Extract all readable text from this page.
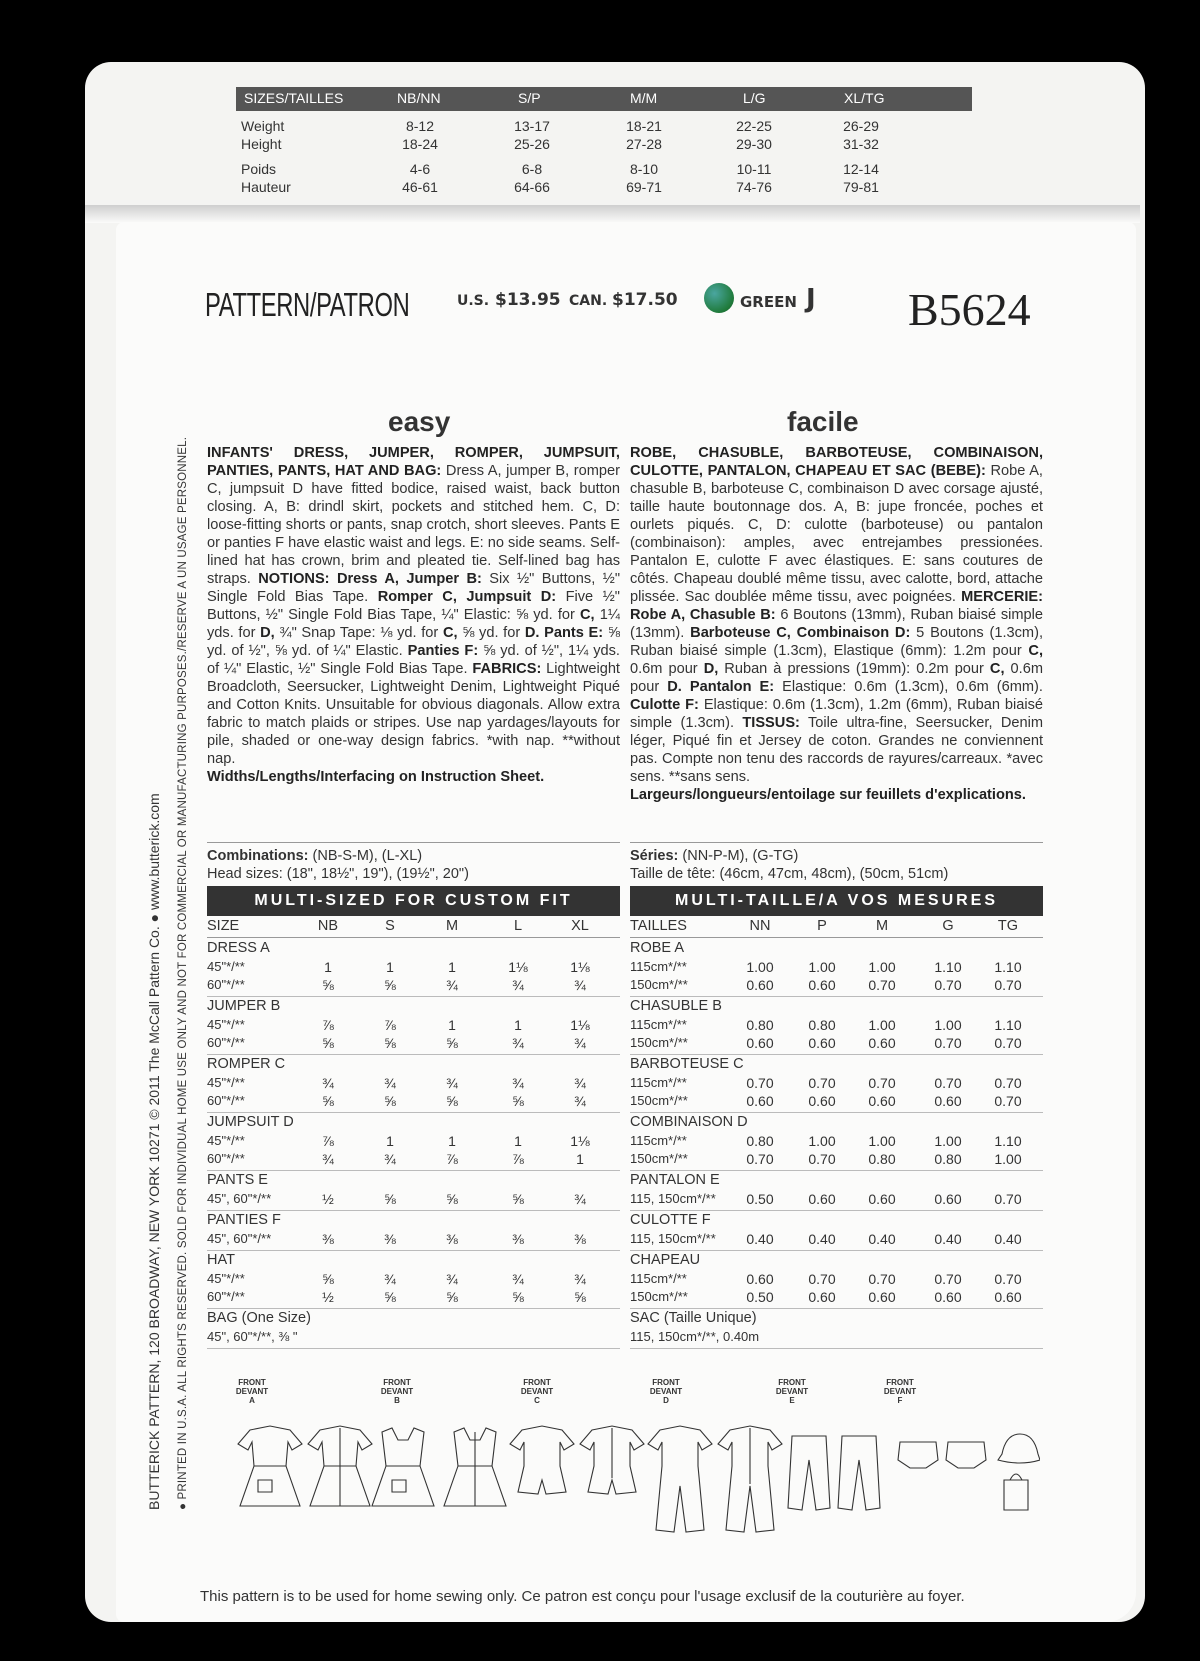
SIZES/TAILLES	NB/NN	S/P	M/M	L/G	XL/TG
Weight	8-12	13-17	18-21	22-25	26-29
Height	18-24	25-26	27-28	29-30	31-32
Poids	4-6	6-8	8-10	10-11	12-14
Hauteur	46-61	64-66	69-71	74-76	79-81
PATTERN/PATRON	U.S. $13.95 CAN. $17.50	GREEN J B5624
easy	facile
INFANTS' DRESS, JUMPER, ROMPER, JUMPSUIT, PANTIES, PANTS, HAT AND BAG: Dress A, jumper B, romper C, jumpsuit D have fitted bodice, raised waist, back button closing. A, B: drindl skirt, pockets and stitched hem. C, D: loose-fitting shorts or pants, snap crotch, short sleeves. Pants E or panties F have elastic waist and legs. E: no side seams. Self-lined hat has crown, brim and pleated tie. Self-lined bag has straps. NOTIONS: Dress A, Jumper B: Six ½" Buttons, ½" Single Fold Bias Tape. Romper C, Jumpsuit D: Five ½" Buttons, ½" Single Fold Bias Tape, ¼" Elastic: ⅝ yd. for C, 1¼ yds. for D, ¾" Snap Tape: ⅛ yd. for C, ⅝ yd. for D. Pants E: ⅝ yd. of ½", ⅝ yd. of ¼" Elastic. Panties F: ⅝ yd. of ½", 1¼ yds. of ¼" Elastic, ½" Single Fold Bias Tape. FABRICS: Lightweight Broadcloth, Seersucker, Lightweight Denim, Lightweight Piqué and Cotton Knits. Unsuitable for obvious diagonals. Allow extra fabric to match plaids or stripes. Use nap yardages/layouts for pile, shaded or one-way design fabrics. *with nap. **without nap.
Widths/Lengths/Interfacing on Instruction Sheet.
ROBE, CHASUBLE, BARBOTEUSE, COMBINAISON, CULOTTE, PANTALON, CHAPEAU ET SAC (BEBE): Robe A, chasuble B, barboteuse C, combinaison D avec corsage ajusté, taille haute boutonnage dos. A, B: jupe froncée, poches et ourlets piqués. C, D: culotte (barboteuse) ou pantalon (combinaison): amples, avec entrejambes pressionées. Pantalon E, culotte F avec élastiques. E: sans coutures de côtés. Chapeau doublé même tissu, avec calotte, bord, attache plissée. Sac doublée même tissu, avec poignées. MERCERIE: Robe A, Chasuble B: 6 Boutons (13mm), Ruban biaisé simple (13mm). Barboteuse C, Combinaison D: 5 Boutons (1.3cm), Ruban biaisé simple (1.3cm), Elastique (6mm): 1.2m pour C, 0.6m pour D, Ruban à pressions (19mm): 0.2m pour C, 0.6m pour D. Pantalon E: Elastique: 0.6m (1.3cm), 0.6m (6mm). Culotte F: Elastique: 0.6m (1.3cm), 1.2m (6mm), Ruban biaisé simple (1.3cm). TISSUS: Toile ultra-fine, Seersucker, Denim léger, Piqué fin et Jersey de coton. Grandes ne conviennent pas. Compte non tenu des raccords de rayures/carreaux. *avec sens. **sans sens.
Largeurs/longueurs/entoilage sur feuillets d'explications.
Combinations: (NB-S-M), (L-XL)
Head sizes: (18", 18½", 19"), (19½", 20")
Séries: (NN-P-M), (G-TG)
Taille de tête: (46cm, 47cm, 48cm), (50cm, 51cm)
MULTI-SIZED FOR CUSTOM FIT	MULTI-TAILLE/A VOS MESURES
SIZE	NB	S	M	L	XL
DRESS A
45"*/**	1	1	1	1⅛	1⅛
60"*/**	⅝	⅝	¾	¾	¾
JUMPER B
45"*/**	⅞	⅞	1	1	1⅛
60"*/**	⅝	⅝	⅝	¾	¾
ROMPER C
45"*/**	¾	¾	¾	¾	¾
60"*/**	⅝	⅝	⅝	⅝	¾
JUMPSUIT D
45"*/**	⅞	1	1	1	1⅛
60"*/**	¾	¾	⅞	⅞	1
PANTS E
45", 60"*/**	½	⅝	⅝	⅝	¾
PANTIES F
45", 60"*/**	⅜	⅜	⅜	⅜	⅜
HAT
45"*/**	⅝	¾	¾	¾	¾
60"*/**	½	⅝	⅝	⅝	⅝
BAG (One Size)
45", 60"*/**, ⅜ "
TAILLES	NN	P	M	G	TG
ROBE A
115cm*/**	1.00	1.00	1.00	1.10	1.10
150cm*/**	0.60	0.60	0.70	0.70	0.70
CHASUBLE B
115cm*/**	0.80	0.80	1.00	1.00	1.10
150cm*/**	0.60	0.60	0.60	0.70	0.70
BARBOTEUSE C
115cm*/**	0.70	0.70	0.70	0.70	0.70
150cm*/**	0.60	0.60	0.60	0.60	0.70
COMBINAISON D
115cm*/**	0.80	1.00	1.00	1.00	1.10
150cm*/**	0.70	0.70	0.80	0.80	1.00
PANTALON E
115, 150cm*/**	0.50	0.60	0.60	0.60	0.70
CULOTTE F
115, 150cm*/**	0.40	0.40	0.40	0.40	0.40
CHAPEAU
115cm*/**	0.60	0.70	0.70	0.70	0.70
150cm*/**	0.50	0.60	0.60	0.60	0.60
SAC (Taille Unique)
115, 150cm*/**, 0.40m
FRONT
DEVANT
A
FRONT
DEVANT
B
FRONT
DEVANT
C
FRONT
DEVANT
D
FRONT
DEVANT
E
FRONT
DEVANT
F
BUTTERICK PATTERN, 120 BROADWAY, NEW YORK 10271 © 2011 The McCall Pattern Co. ● www.butterick.com ● PRINTED IN U.S.A. ALL RIGHTS RESERVED. SOLD FOR INDIVIDUAL HOME USE ONLY AND NOT FOR COMMERCIAL OR MANUFACTURING PURPOSES./RESERVE A UN USAGE PERSONNEL.
This pattern is to be used for home sewing only. Ce patron est conçu pour l'usage exclusif de la couturière au foyer.
